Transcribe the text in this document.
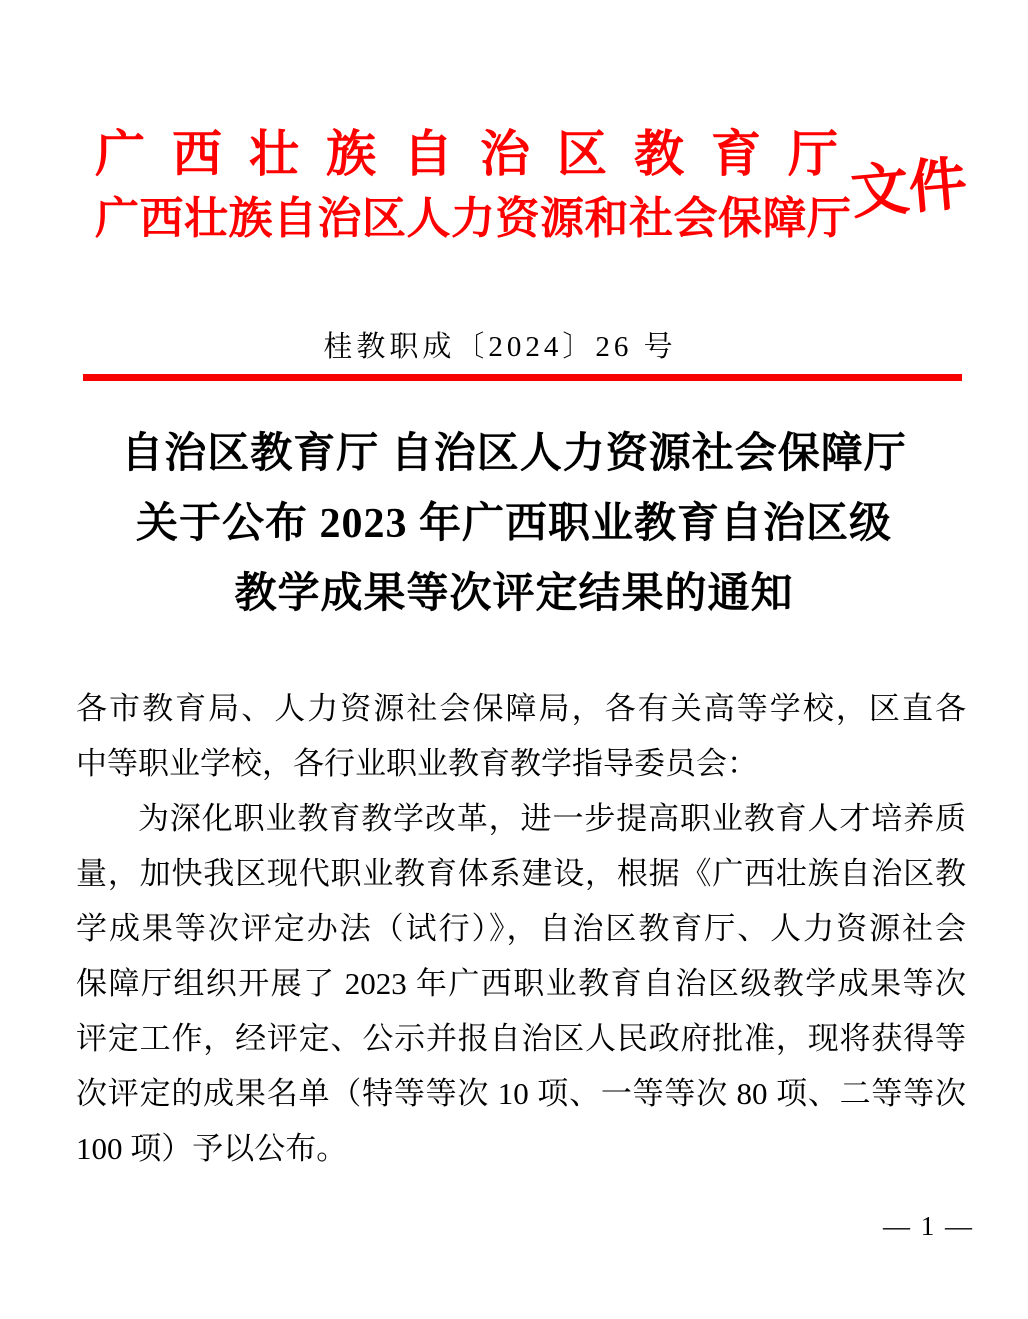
广西壮族自治区教育厅
广西壮族自治区人力资源和社会保障厅
文件
桂教职成〔2024〕26 号
自治区教育厅 自治区人力资源社会保障厅
关于公布 2023 年广西职业教育自治区级
教学成果等次评定结果的通知
各市教育局、人力资源社会保障局，各有关高等学校，区直各
中等职业学校，各行业职业教育教学指导委员会：
为深化职业教育教学改革，进一步提高职业教育人才培养质
量，加快我区现代职业教育体系建设，根据《广西壮族自治区教
学成果等次评定办法（试行）》，自治区教育厅、人力资源社会
保障厅组织开展了 2023 年广西职业教育自治区级教学成果等次
评定工作，经评定、公示并报自治区人民政府批准，现将获得等
次评定的成果名单（特等等次 10 项、一等等次 80 项、二等等次
100 项）予以公布。
— 1 —
